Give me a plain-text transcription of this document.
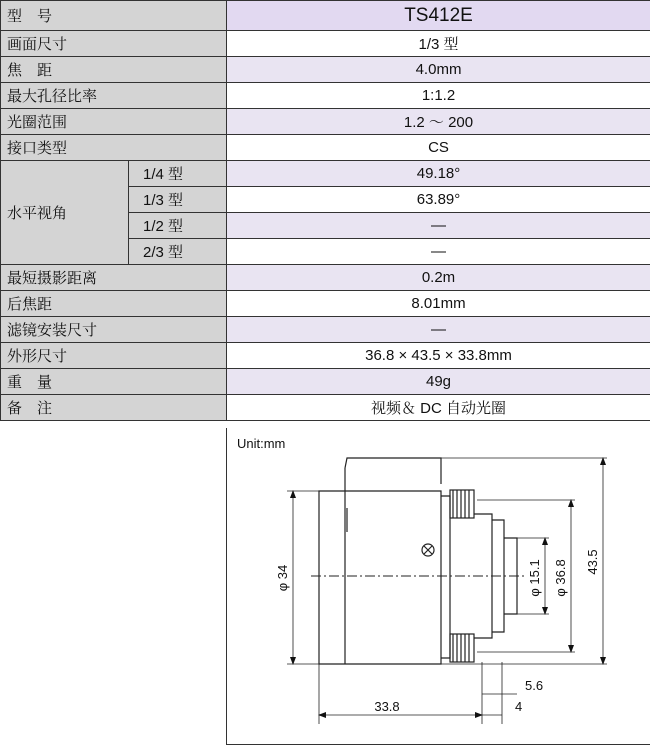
型　号		TS412E
画面尺寸		1/3 型
焦　距		4.0mm
最大孔径比率		1:1.2
光圈范围		1.2 ～ 200
接口类型		CS
水平视角	1/4 型	49.18°
	1/3 型	63.89°
	1/2 型	—
	2/3 型	—
最短摄影距离		0.2m
后焦距		8.01mm
滤镜安装尺寸		—
外形尺寸		36.8 × 43.5 × 33.8mm
重　量		49g
备　注		视频＆ DC 自动光圈
Unit:mm
φ 34	φ 15.1 φ 36.8 43.5
33.8
5.6
4
